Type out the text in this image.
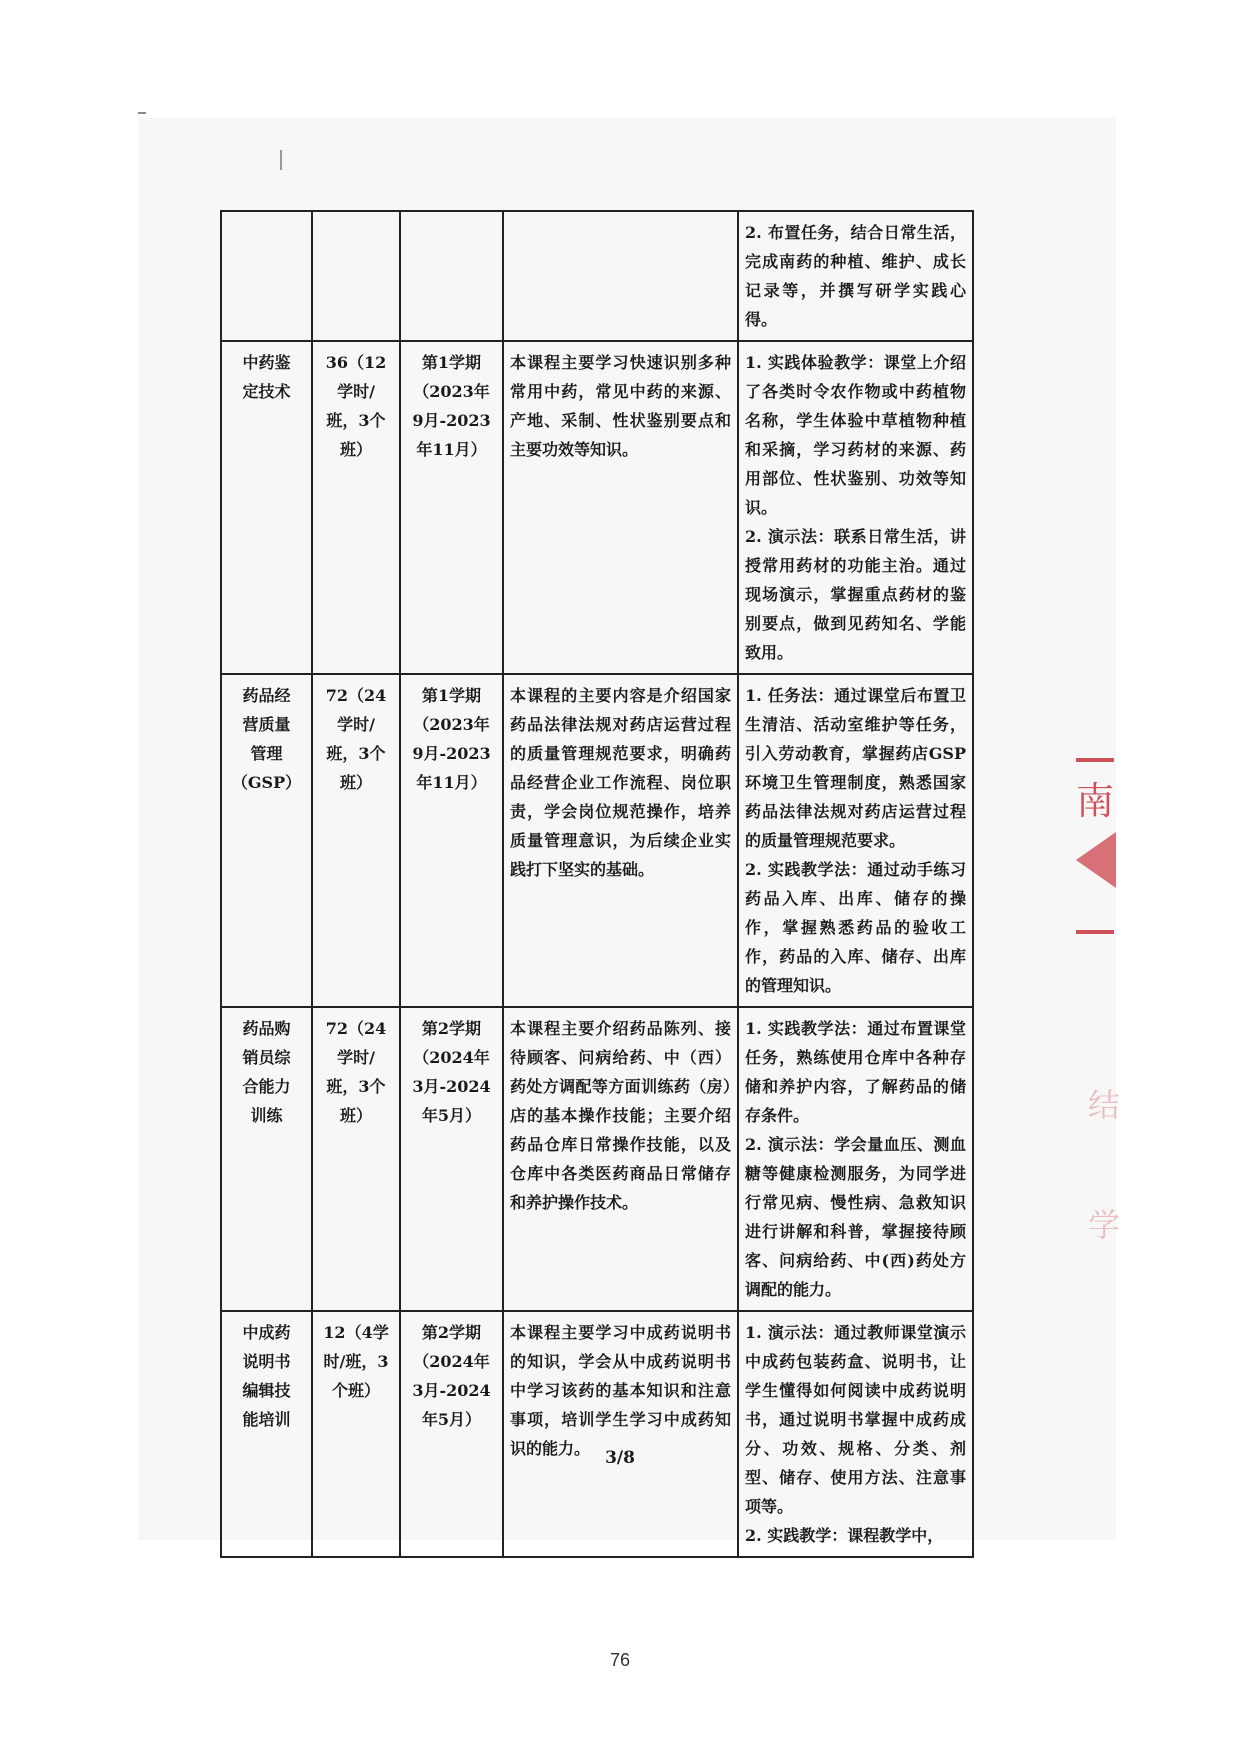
南
结
学

				2. 布置任务，结合日常生活，完成南药的种植、维护、成长记录等，并撰写研学实践心得。

中药鉴
定技术	36（12
学时/
班，3个
班）	第1学期
（2023年
9月-2023
年11月）	本课程主要学习快速识别多种常用中药，常见中药的来源、产地、采制、性状鉴别要点和主要功效等知识。	1. 实践体验教学：课堂上介绍了各类时令农作物或中药植物名称，学生体验中草植物种植和采摘，学习药材的来源、药用部位、性状鉴别、功效等知识。
2. 演示法：联系日常生活，讲授常用药材的功能主治。通过现场演示，掌握重点药材的鉴别要点，做到见药知名、学能致用。

药品经
营质量
管理
（GSP）	72（24
学时/
班，3个
班）	第1学期
（2023年
9月-2023
年11月）	本课程的主要内容是介绍国家药品法律法规对药店运营过程的质量管理规范要求，明确药品经营企业工作流程、岗位职责，学会岗位规范操作，培养质量管理意识，为后续企业实践打下坚实的基础。	1. 任务法：通过课堂后布置卫生清洁、活动室维护等任务，引入劳动教育，掌握药店GSP环境卫生管理制度，熟悉国家药品法律法规对药店运营过程的质量管理规范要求。
2. 实践教学法：通过动手练习药品入库、出库、储存的操作，掌握熟悉药品的验收工作，药品的入库、储存、出库的管理知识。

药品购
销员综
合能力
训练	72（24
学时/
班，3个
班）	第2学期
（2024年
3月-2024
年5月）	本课程主要介绍药品陈列、接待顾客、问病给药、中（西）药处方调配等方面训练药（房）店的基本操作技能；主要介绍药品仓库日常操作技能，以及仓库中各类医药商品日常储存和养护操作技术。	1. 实践教学法：通过布置课堂任务，熟练使用仓库中各种存储和养护内容，了解药品的储存条件。
2. 演示法：学会量血压、测血糖等健康检测服务，为同学进行常见病、慢性病、急救知识进行讲解和科普，掌握接待顾客、问病给药、中(西)药处方调配的能力。

中成药
说明书
编辑技
能培训	12（4学
时/班，3
个班）	第2学期
（2024年
3月-2024
年5月）	本课程主要学习中成药说明书的知识，学会从中成药说明书中学习该药的基本知识和注意事项，培训学生学习中成药知识的能力。	1. 演示法：通过教师课堂演示中成药包装药盒、说明书，让学生懂得如何阅读中成药说明书，通过说明书掌握中成药成分、功效、规格、分类、剂型、储存、使用方法、注意事项等。
2. 实践教学：课程教学中，
3/8
76
